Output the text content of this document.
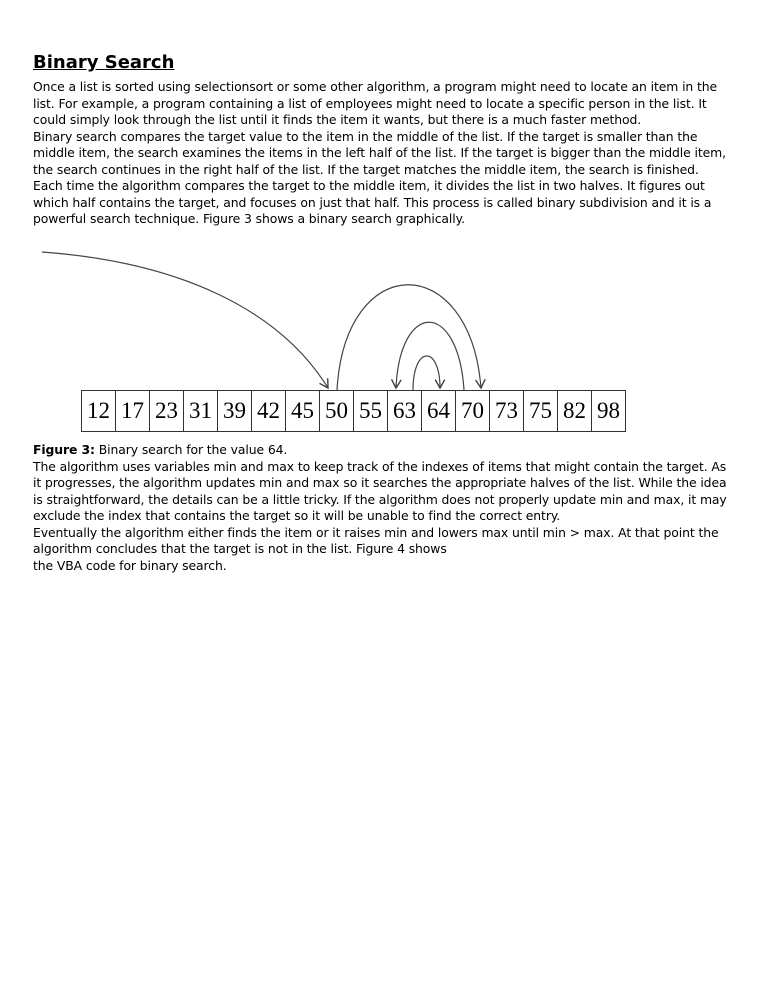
Binary Search

Once a list is sorted using selectionsort or some other algorithm, a program might need to locate an item in the list. For example, a program containing a list of employees might need to locate a specific person in the list. It could simply look through the list until it finds the item it wants, but there is a much faster method.

Binary search compares the target value to the item in the middle of the list. If the target is smaller than the middle item, the search examines the items in the left half of the list. If the target is bigger than the middle item, the search continues in the right half of the list. If the target matches the middle item, the search is finished.

Each time the algorithm compares the target to the middle item, it divides the list in two halves. It figures out which half contains the target, and focuses on just that half. This process is called binary subdivision and it is a powerful search technique. Figure 3 shows a binary search graphically.

12 17 23 31 39 42 45 50 55 63 64 70 73 75 82 98

Figure 3: Binary search for the value 64.

The algorithm uses variables min and max to keep track of the indexes of items that might contain the target. As it progresses, the algorithm updates min and max so it searches the appropriate halves of the list. While the idea is straightforward, the details can be a little tricky. If the algorithm does not properly update min and max, it may exclude the index that contains the target so it will be unable to find the correct entry.

Eventually the algorithm either finds the item or it raises min and lowers max until min > max. At that point the algorithm concludes that the target is not in the list. Figure 4 shows

the VBA code for binary search.
